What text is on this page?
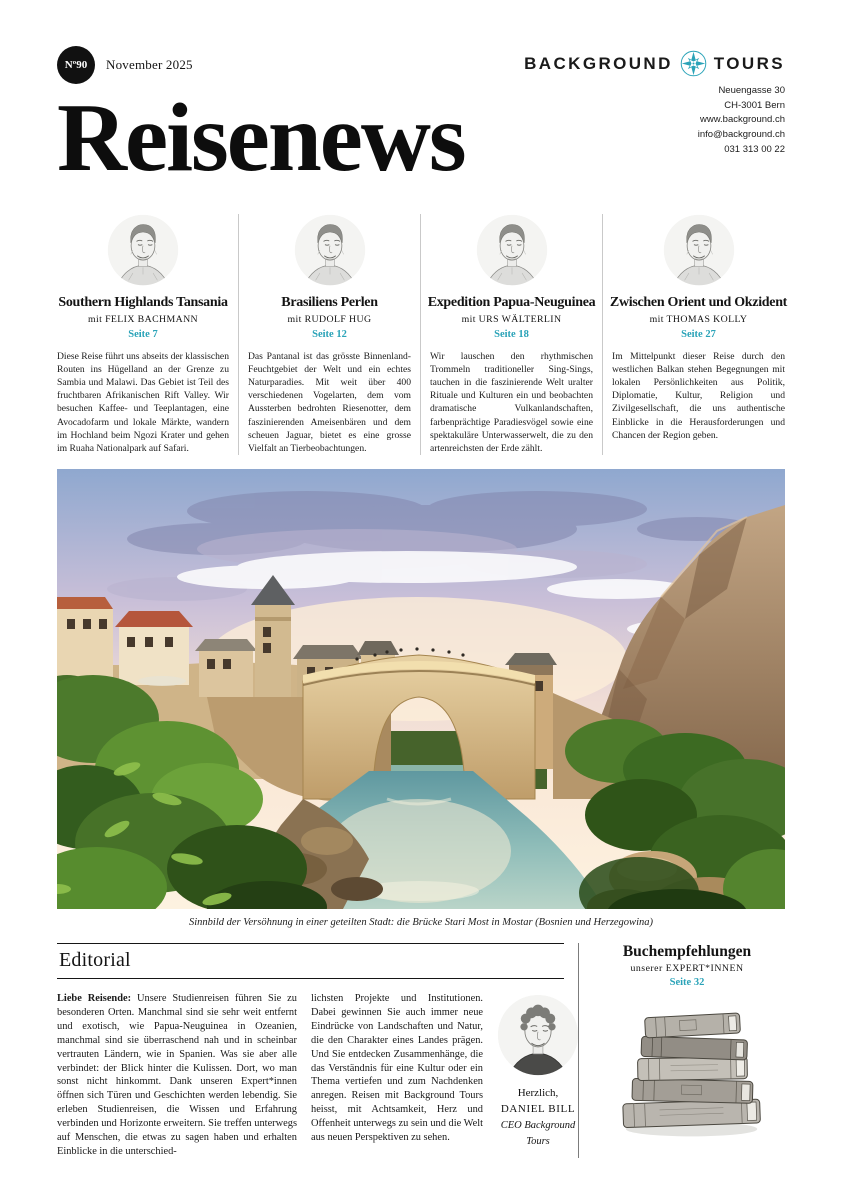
Nº90	November 2025	BACKGROUND TOURS
Neuengasse 30
CH-3001 Bern
www.background.ch
info@background.ch
031 313 00 22
Reisenews
Southern Highlands Tansania
mit FELIX BACHMANN
Seite 7
Diese Reise führt uns abseits der klassischen Routen ins Hügelland an der Grenze zu Sambia und Malawi. Das Gebiet ist Teil des fruchtbaren Afrikanischen Rift Valley. Wir besuchen Kaffee- und Teeplantagen, eine Avocadofarm und lokale Märkte, wandern im Hochland beim Ngozi Krater und gehen im Ruaha Nationalpark auf Safari.
Brasiliens Perlen
mit RUDOLF HUG
Seite 12
Das Pantanal ist das grösste Binnenland-Feuchtgebiet der Welt und ein echtes Naturparadies. Mit weit über 400 verschiedenen Vogelarten, dem vom Aussterben bedrohten Riesenotter, dem faszinierenden Ameisenbären und dem scheuen Jaguar, bietet es eine grosse Vielfalt an Tierbeobachtungen.
Expedition Papua-Neuguinea
mit URS WÄLTERLIN
Seite 18
Wir lauschen den rhythmischen Trommeln traditioneller Sing-Sings, tauchen in die faszinierende Welt uralter Rituale und Kulturen ein und beobachten dramatische Vulkanlandschaften, farbenprächtige Paradiesvögel sowie eine spektakuläre Unterwasserwelt, die zu den artenreichsten der Erde zählt.
Zwischen Orient und Okzident
mit THOMAS KOLLY
Seite 27
Im Mittelpunkt dieser Reise durch den westlichen Balkan stehen Begegnungen mit lokalen Persönlichkeiten aus Politik, Diplomatie, Kultur, Religion und Zivilgesellschaft, die uns authentische Einblicke in die Herausforderungen und Chancen der Region geben.
Sinnbild der Versöhnung in einer geteilten Stadt: die Brücke Stari Most in Mostar (Bosnien und Herzegowina)
Editorial

Liebe Reisende: Unsere Studienreisen führen Sie zu besonderen Orten. Manchmal sind sie sehr weit entfernt und exotisch, wie Papua-Neuguinea in Ozeanien, manchmal sind sie überraschend nah und in scheinbar vertrauten Ländern, wie in Spanien. Was sie aber alle verbindet: der Blick hinter die Kulissen. Dort, wo man sonst nicht hinkommt. Dank unseren Expert*innen öffnen sich Türen und Geschichten werden lebendig. Sie erleben Studienreisen, die Wissen und Erfahrung verbinden und Horizonte erweitern. Sie treffen unterwegs auf Menschen, die etwas zu sagen haben und erhalten Einblicke in die unterschied-

lichsten Projekte und Institutionen. Dabei gewinnen Sie auch immer neue Eindrücke von Landschaften und Natur, die den Charakter eines Landes prägen. Und Sie entdecken Zusammenhänge, die das Verständnis für eine Kultur oder ein Thema vertiefen und zum Nachdenken anregen. Reisen mit Background Tours heisst, mit Achtsamkeit, Herz und Offenheit unterwegs zu sein und die Welt aus neuen Perspektiven zu sehen.

Herzlich,
DANIEL BILL
CEO Background Tours
Buchempfehlungen
unserer EXPERT*INNEN
Seite 32
